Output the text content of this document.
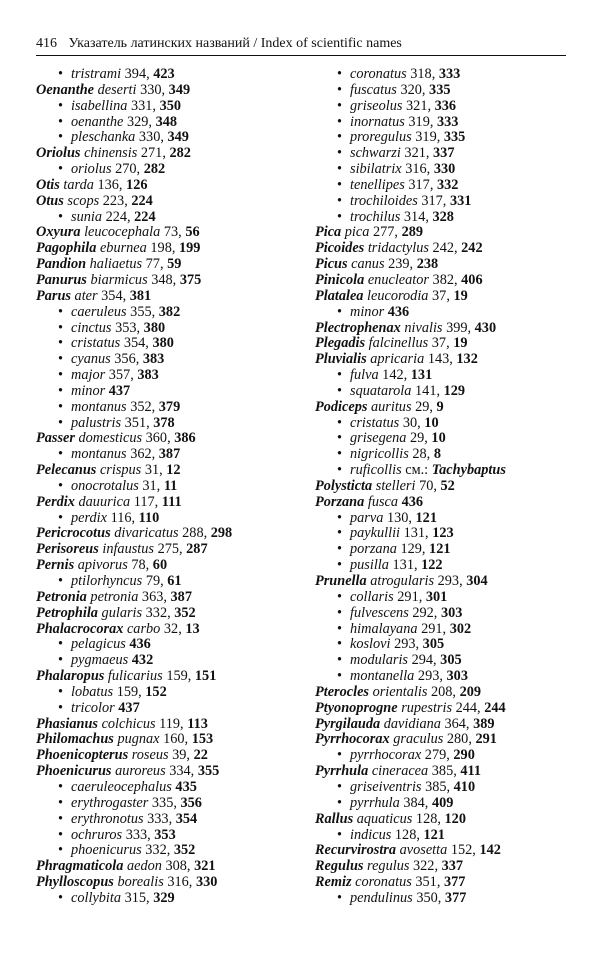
416 Указатель латинских названий / Index of scientific names
• tristrami 394, 423
Oenanthe deserti 330, 349
• isabellina 331, 350
• oenanthe 329, 348
• pleschanka 330, 349
Oriolus chinensis 271, 282
• oriolus 270, 282
Otis tarda 136, 126
Otus scops 223, 224
• sunia 224, 224
Oxyura leucocephala 73, 56
Pagophila eburnea 198, 199
Pandion haliaetus 77, 59
Panurus biarmicus 348, 375
Parus ater 354, 381
• caeruleus 355, 382
• cinctus 353, 380
• cristatus 354, 380
• cyanus 356, 383
• major 357, 383
• minor 437
• montanus 352, 379
• palustris 351, 378
Passer domesticus 360, 386
• montanus 362, 387
Pelecanus crispus 31, 12
• onocrotalus 31, 11
Perdix dauurica 117, 111
• perdix 116, 110
Pericrocotus divaricatus 288, 298
Perisoreus infaustus 275, 287
Pernis apivorus 78, 60
• ptilorhyncus 79, 61
Petronia petronia 363, 387
Petrophila gularis 332, 352
Phalacrocorax carbo 32, 13
• pelagicus 436
• pygmaeus 432
Phalaropus fulicarius 159, 151
• lobatus 159, 152
• tricolor 437
Phasianus colchicus 119, 113
Philomachus pugnax 160, 153
Phoenicopterus roseus 39, 22
Phoenicurus auroreus 334, 355
• caeruleocephalus 435
• erythrogaster 335, 356
• erythronotus 333, 354
• ochruros 333, 353
• phoenicurus 332, 352
Phragmaticola aedon 308, 321
Phylloscopus borealis 316, 330
• collybita 315, 329
• coronatus 318, 333
• fuscatus 320, 335
• griseolus 321, 336
• inornatus 319, 333
• proregulus 319, 335
• schwarzi 321, 337
• sibilatrix 316, 330
• tenellipes 317, 332
• trochiloides 317, 331
• trochilus 314, 328
Pica pica 277, 289
Picoides tridactylus 242, 242
Picus canus 239, 238
Pinicola enucleator 382, 406
Platalea leucorodia 37, 19
• minor 436
Plectrophenax nivalis 399, 430
Plegadis falcinellus 37, 19
Pluvialis apricaria 143, 132
• fulva 142, 131
• squatarola 141, 129
Podiceps auritus 29, 9
• cristatus 30, 10
• grisegena 29, 10
• nigricollis 28, 8
• ruficollis см.: Tachybaptus
Polysticta stelleri 70, 52
Porzana fusca 436
• parva 130, 121
• paykullii 131, 123
• porzana 129, 121
• pusilla 131, 122
Prunella atrogularis 293, 304
• collaris 291, 301
• fulvescens 292, 303
• himalayana 291, 302
• koslovi 293, 305
• modularis 294, 305
• montanella 293, 303
Pterocles orientalis 208, 209
Ptyonoprogne rupestris 244, 244
Pyrgilauda davidiana 364, 389
Pyrrhocorax graculus 280, 291
• pyrrhocorax 279, 290
Pyrrhula cineracea 385, 411
• griseiventris 385, 410
• pyrrhula 384, 409
Rallus aquaticus 128, 120
• indicus 128, 121
Recurvirostra avosetta 152, 142
Regulus regulus 322, 337
Remiz coronatus 351, 377
• pendulinus 350, 377
